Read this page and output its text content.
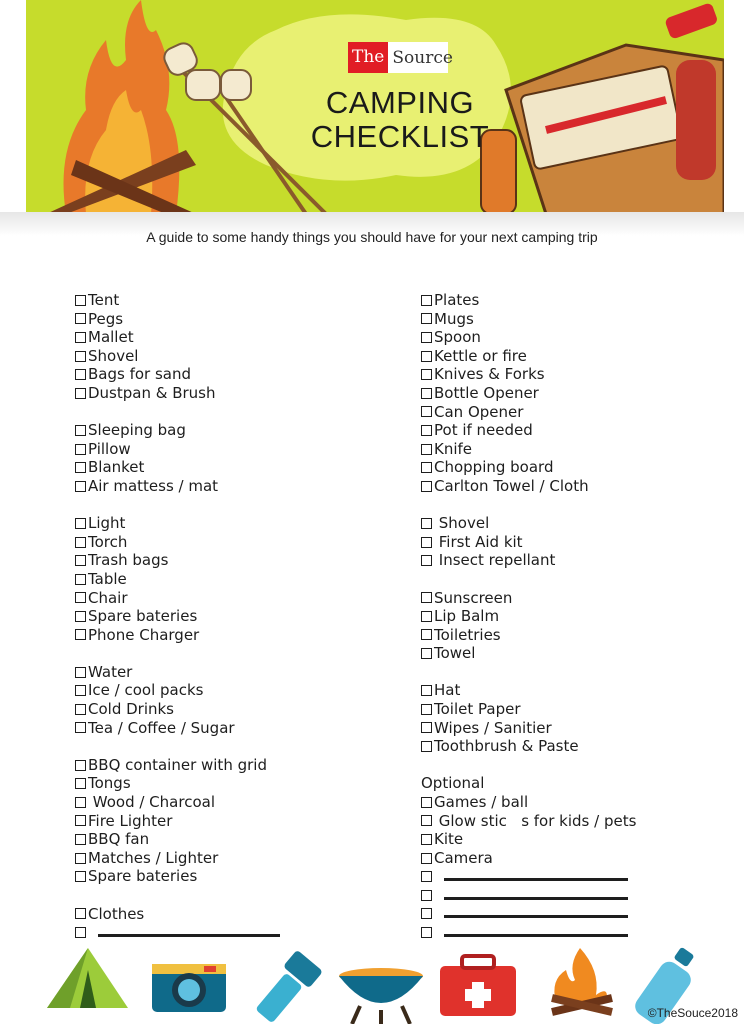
The Source
CAMPING
CHECKLIST
A guide to some handy things you should have for your next camping trip
Tent
Pegs
Mallet
Shovel
Bags for sand
Dustpan & Brush
Sleeping bag
Pillow
Blanket
Air mattess / mat
Light
Torch
Trash bags
Table
Chair
Spare bateries
Phone Charger
Water
Ice / cool packs
Cold Drinks
Tea / Coffee / Sugar
BBQ container with grid
Tongs
Wood / Charcoal
Fire Lighter
BBQ fan
Matches / Lighter
Spare bateries
Clothes
Plates
Mugs
Spoon
Kettle or fire
Knives & Forks
Bottle Opener
Can Opener
Pot if needed
Knife
Chopping board
Carlton Towel / Cloth
Shovel
First Aid kit
Insect repellant
Sunscreen
Lip Balm
Toiletries
Towel
Hat
Toilet Paper
Wipes / Sanitier
Toothbrush & Paste
Optional
Games / ball
Glow stic   s for kids / pets
Kite
Camera
©TheSouce2018
